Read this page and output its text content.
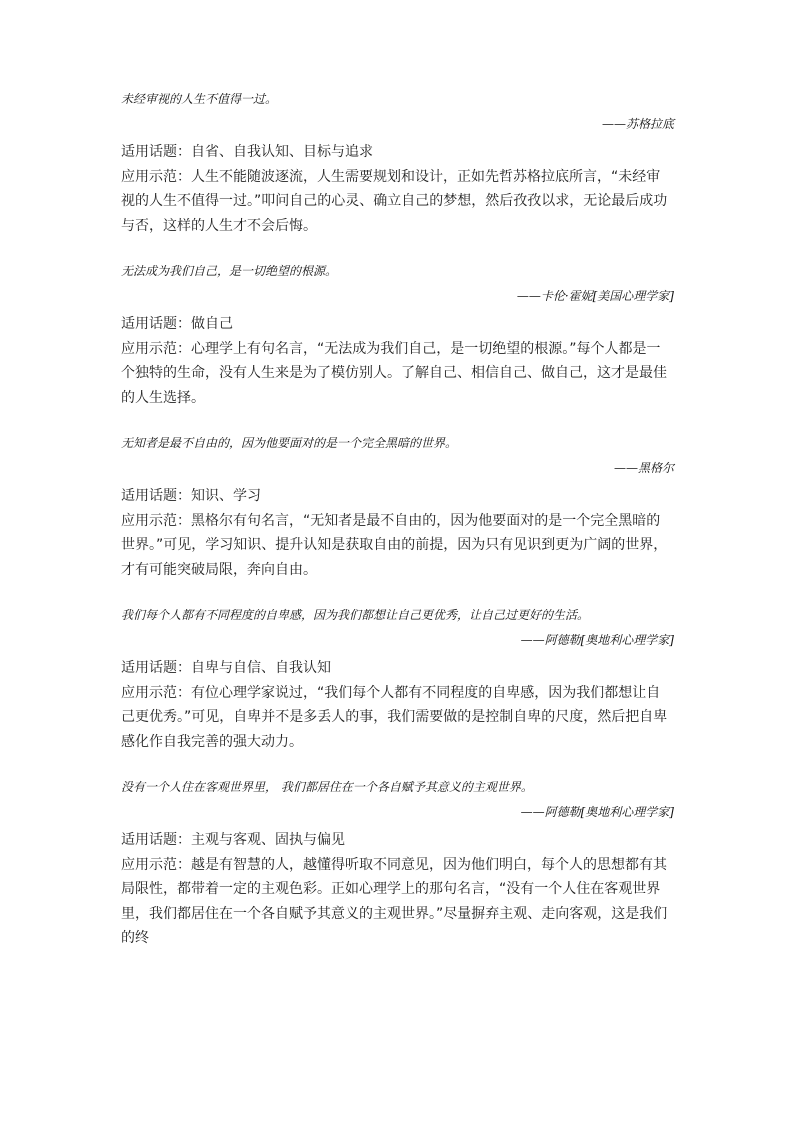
未经审视的人生不值得一过。

——苏格拉底

适用话题：自省、自我认知、目标与追求

应用示范：人生不能随波逐流，人生需要规划和设计，正如先哲苏格拉底所言，“未经审视的人生不值得一过。”叩问自己的心灵、确立自己的梦想，然后孜孜以求，无论最后成功与否，这样的人生才不会后悔。

无法成为我们自己，是一切绝望的根源。

——卡伦·霍妮[美国心理学家]

适用话题：做自己

应用示范：心理学上有句名言，“无法成为我们自己，是一切绝望的根源。”每个人都是一个独特的生命，没有人生来是为了模仿别人。了解自己、相信自己、做自己，这才是最佳的人生选择。

无知者是最不自由的，因为他要面对的是一个完全黑暗的世界。

——黑格尔

适用话题：知识、学习

应用示范：黑格尔有句名言，“无知者是最不自由的，因为他要面对的是一个完全黑暗的世界。”可见，学习知识、提升认知是获取自由的前提，因为只有见识到更为广阔的世界，才有可能突破局限，奔向自由。

我们每个人都有不同程度的自卑感，因为我们都想让自己更优秀，让自己过更好的生活。

——阿德勒[奥地利心理学家]

适用话题：自卑与自信、自我认知

应用示范：有位心理学家说过，“我们每个人都有不同程度的自卑感，因为我们都想让自己更优秀。”可见，自卑并不是多丢人的事，我们需要做的是控制自卑的尺度，然后把自卑感化作自我完善的强大动力。

没有一个人住在客观世界里， 我们都居住在一个各自赋予其意义的主观世界。

——阿德勒[奥地利心理学家]

适用话题：主观与客观、固执与偏见

应用示范：越是有智慧的人，越懂得听取不同意见，因为他们明白，每个人的思想都有其局限性，都带着一定的主观色彩。正如心理学上的那句名言，“没有一个人住在客观世界里，我们都居住在一个各自赋予其意义的主观世界。”尽量摒弃主观、走向客观，这是我们的终
